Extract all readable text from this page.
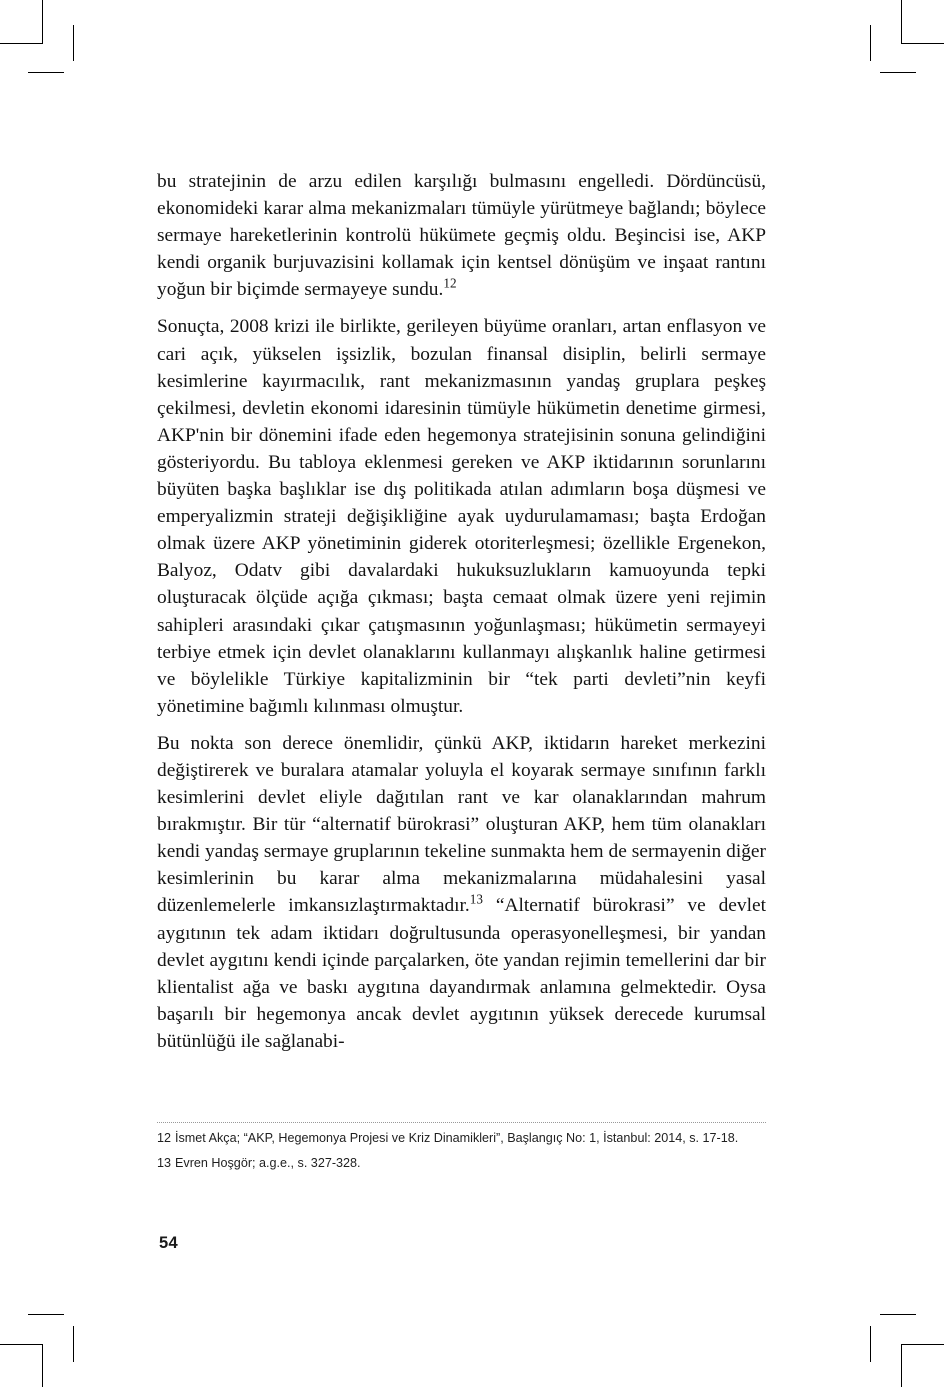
bu stratejinin de arzu edilen karşılığı bulmasını engelledi. Dördüncüsü, ekonomideki karar alma mekanizmaları tümüyle yürütmeye bağlandı; böylece sermaye hareketlerinin kontrolü hükümete geçmiş oldu. Beşincisi ise, AKP kendi organik burjuvazisini kollamak için kentsel dönüşüm ve inşaat rantını yoğun bir biçimde sermayeye sundu.$^{12}$

Sonuçta, 2008 krizi ile birlikte, gerileyen büyüme oranları, artan enflasyon ve cari açık, yükselen işsizlik, bozulan finansal disiplin, belirli sermaye kesimlerine kayırmacılık, rant mekanizmasının yandaş gruplara peşkeş çekilmesi, devletin ekonomi idaresinin tümüyle hükümetin denetime girmesi, AKP'nin bir dönemini ifade eden hegemonya stratejisinin sonuna gelindiğini gösteriyordu. Bu tabloya eklenmesi gereken ve AKP iktidarının sorunlarını büyüten başka başlıklar ise dış politikada atılan adımların boşa düşmesi ve emperyalizmin strateji değişikliğine ayak uydurulamaması; başta Erdoğan olmak üzere AKP yönetiminin giderek otoriterleşmesi; özellikle Ergenekon, Balyoz, Odatv gibi davalardaki hukuksuzlukların kamuoyunda tepki oluşturacak ölçüde açığa çıkması; başta cemaat olmak üzere yeni rejimin sahipleri arasındaki çıkar çatışmasının yoğunlaşması; hükümetin sermayeyi terbiye etmek için devlet olanaklarını kullanmayı alışkanlık haline getirmesi ve böylelikle Türkiye kapitalizminin bir “tek parti devleti”nin keyfi yönetimine bağımlı kılınması olmuştur.

Bu nokta son derece önemlidir, çünkü AKP, iktidarın hareket merkezini değiştirerek ve buralara atamalar yoluyla el koyarak sermaye sınıfının farklı kesimlerini devlet eliyle dağıtılan rant ve kar olanaklarından mahrum bırakmıştır. Bir tür “alternatif bürokrasi” oluşturan AKP, hem tüm olanakları kendi yandaş sermaye gruplarının tekeline sunmakta hem de sermayenin diğer kesimlerinin bu karar alma mekanizmalarına müdahalesini yasal düzenlemelerle imkansızlaştırmaktadır.$^{13}$ “Alternatif bürokrasi” ve devlet aygıtının tek adam iktidarı doğrultusunda operasyonelleşmesi, bir yandan devlet aygıtını kendi içinde parçalarken, öte yandan rejimin temellerini dar bir klientalist ağa ve baskı aygıtına dayandırmak anlamına gelmektedir. Oysa başarılı bir hegemonya ancak devlet aygıtının yüksek derecede kurumsal bütünlüğü ile sağlanabi-

12 İsmet Akça; “AKP, Hegemonya Projesi ve Kriz Dinamikleri”, Başlangıç No: 1, İstanbul: 2014, s. 17-18.
13 Evren Hoşgör; a.g.e., s. 327-328.
54
